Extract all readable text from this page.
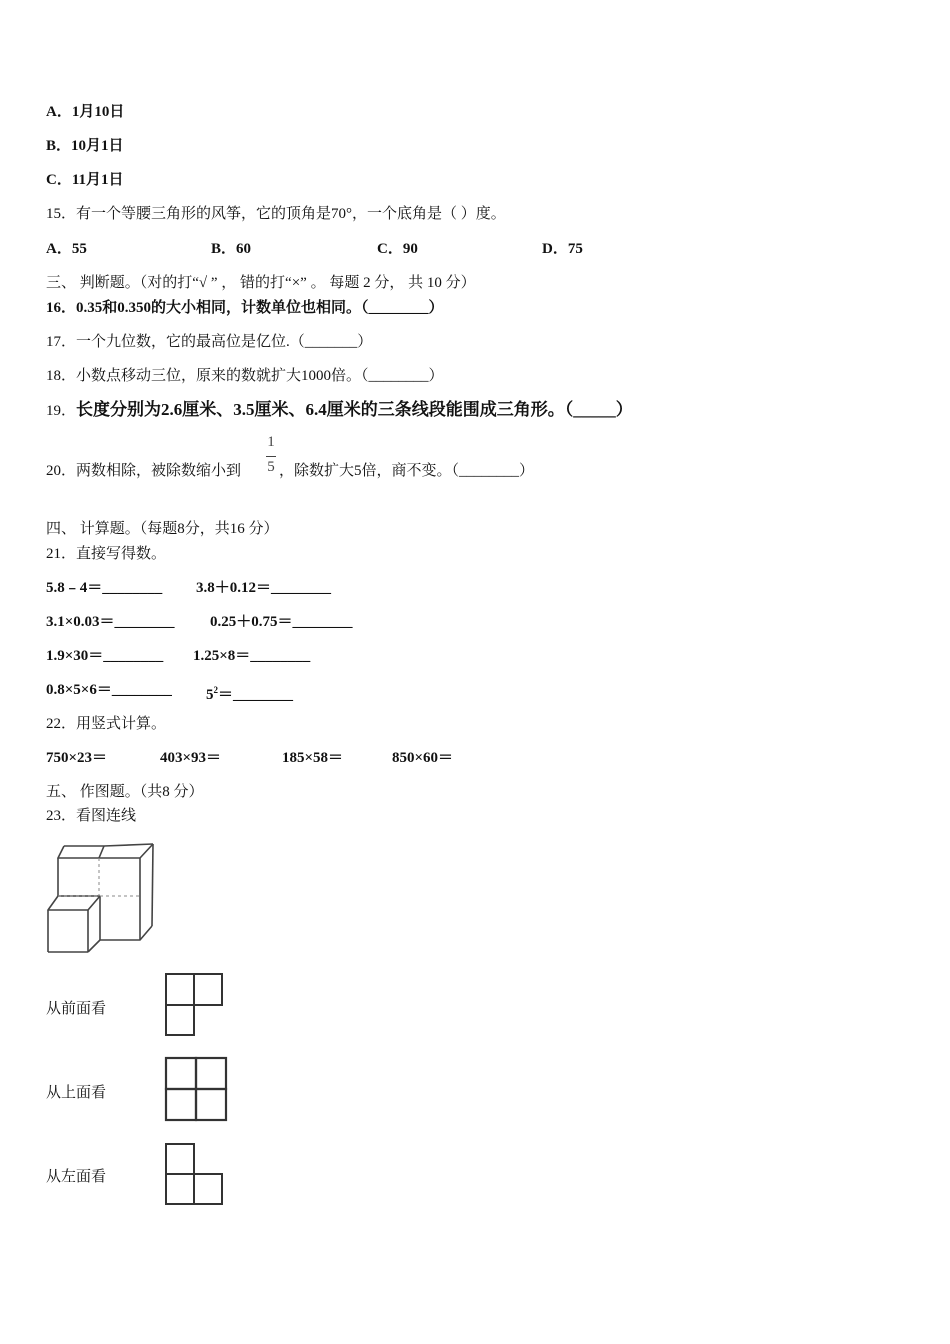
A．1月10日
B．10月1日
C．11月1日
15．有一个等腰三角形的风筝，它的顶角是70°，一个底角是（ ）度。
A．55	B．60	C．90	D．75
三、 判断题。（对的打“√ ” ， 错的打“×” 。 每题 2 分， 共 10 分）
16．0.35和0.350的大小相同，计数单位也相同。（________）
17．一个九位数，它的最高位是亿位.（_______）
18．小数点移动三位，原来的数就扩大1000倍。（________）
19．长度分别为2.6厘米、3.5厘米、6.4厘米的三条线段能围成三角形。（_____）
20．两数相除，被除数缩小到
1
5 ，除数扩大5倍，商不变。（________）
四、 计算题。（每题8分，共16 分）
21．直接写得数。
5.8﹣4＝________ 3.8＋0.12＝________
3.1×0.03＝________ 0.25＋0.75＝________
1.9×30＝________ 1.25×8＝________
0.8×5×6＝________ $5^2=\_\_\_\_\_\_\_\_$
22．用竖式计算。
750×23＝	403×93＝	185×58＝	850×60＝
五、 作图题。（共8 分）
23．看图连线
从前面看
从上面看
从左面看
